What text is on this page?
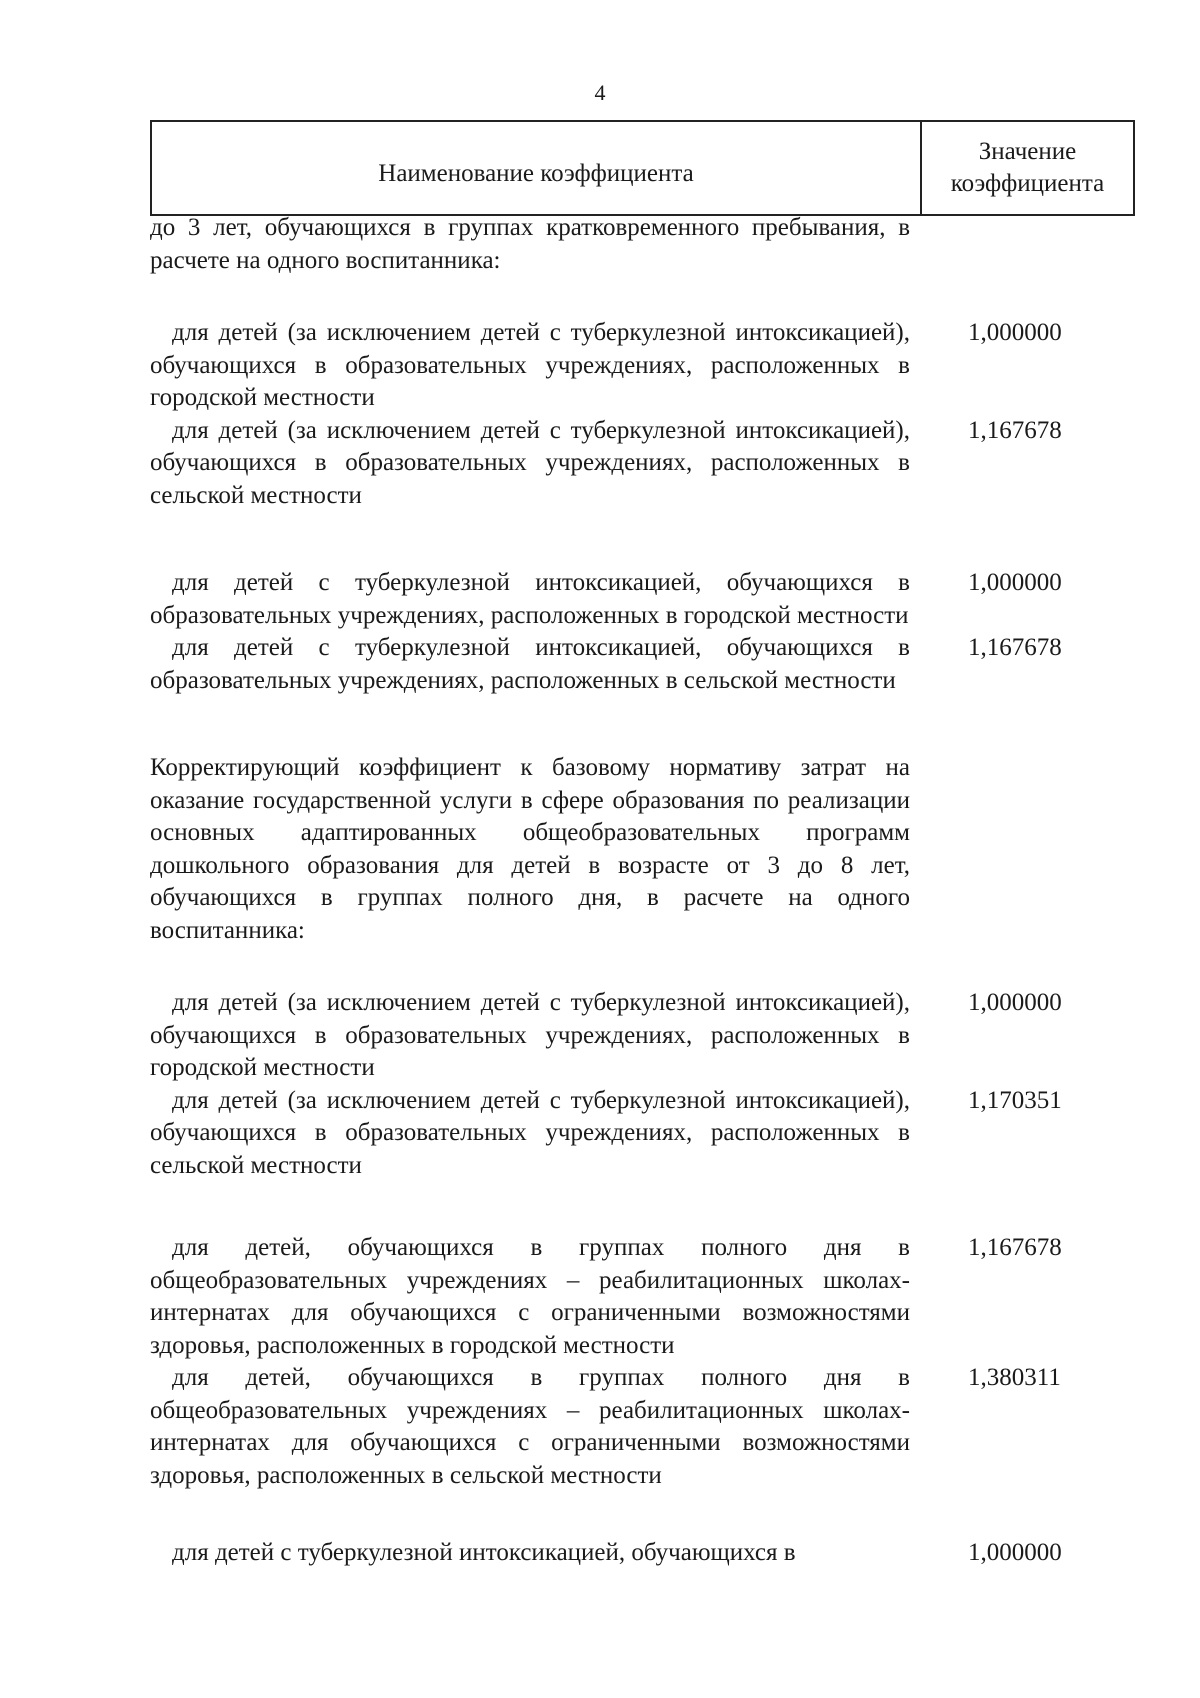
4
Наименование коэффициента
Значение
коэффициента
до 3 лет, обучающихся в группах кратковременного пребывания, в расчете на одного воспитанника:
для детей (за исключением детей с туберкулезной интоксикацией), обучающихся в образовательных учреждениях, расположенных в городской местности
1,000000
для детей (за исключением детей с туберкулезной интоксикацией), обучающихся в образовательных учреждениях, расположенных в сельской местности
1,167678
для детей с туберкулезной интоксикацией, обучающихся в образовательных учреждениях, расположенных в городской местности
1,000000
для детей с туберкулезной интоксикацией, обучающихся в образовательных учреждениях, расположенных в сельской местности
1,167678
Корректирующий коэффициент к базовому нормативу затрат на оказание государственной услуги в сфере образования по реализации основных адаптированных общеобразовательных программ дошкольного образования для детей в возрасте от 3 до 8 лет, обучающихся в группах полного дня, в расчете на одного воспитанника:
для детей (за исключением детей с туберкулезной интоксикацией), обучающихся в образовательных учреждениях, расположенных в городской местности
1,000000
для детей (за исключением детей с туберкулезной интоксикацией), обучающихся в образовательных учреждениях, расположенных в сельской местности
1,170351
для детей, обучающихся в группах полного дня в общеобразовательных учреждениях – реабилитационных школах-интернатах для обучающихся с ограниченными возможностями здоровья, расположенных в городской местности
1,167678
для детей, обучающихся в группах полного дня в общеобразовательных учреждениях – реабилитационных школах-интернатах для обучающихся с ограниченными возможностями здоровья, расположенных в сельской местности
1,380311
для детей с туберкулезной интоксикацией, обучающихся в	1,000000
